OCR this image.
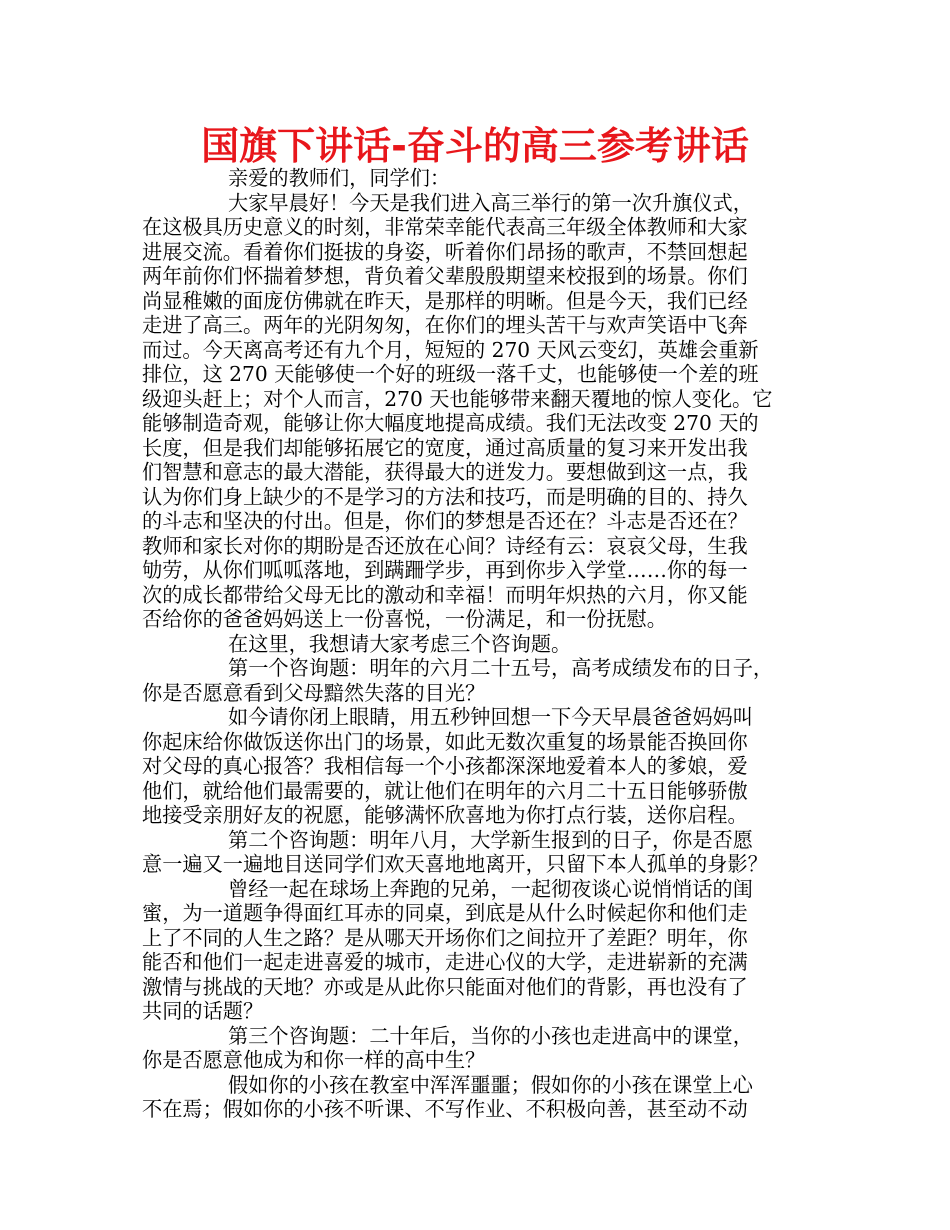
国旗下讲话-奋斗的高三参考讲话
亲爱的教师们，同学们：
大家早晨好！今天是我们进入高三举行的第一次升旗仪式，
在这极具历史意义的时刻，非常荣幸能代表高三年级全体教师和大家
进展交流。看着你们挺拔的身姿，听着你们昂扬的歌声，不禁回想起
两年前你们怀揣着梦想，背负着父辈殷殷期望来校报到的场景。你们
尚显稚嫩的面庞仿佛就在昨天，是那样的明晰。但是今天，我们已经
走进了高三。两年的光阴匆匆，在你们的埋头苦干与欢声笑语中飞奔
而过。今天离高考还有九个月，短短的 270 天风云变幻，英雄会重新
排位，这 270 天能够使一个好的班级一落千丈，也能够使一个差的班
级迎头赶上；对个人而言，270 天也能够带来翻天覆地的惊人变化。它
能够制造奇观，能够让你大幅度地提高成绩。我们无法改变 270 天的
长度，但是我们却能够拓展它的宽度，通过高质量的复习来开发出我
们智慧和意志的最大潜能，获得最大的迸发力。要想做到这一点，我
认为你们身上缺少的不是学习的方法和技巧，而是明确的目的、持久
的斗志和坚决的付出。但是，你们的梦想是否还在？斗志是否还在？
教师和家长对你的期盼是否还放在心间？诗经有云：哀哀父母，生我
劬劳，从你们呱呱落地，到蹒跚学步，再到你步入学堂……你的每一
次的成长都带给父母无比的激动和幸福！而明年炽热的六月，你又能
否给你的爸爸妈妈送上一份喜悦，一份满足，和一份抚慰。
在这里，我想请大家考虑三个咨询题。
第一个咨询题：明年的六月二十五号，高考成绩发布的日子，
你是否愿意看到父母黯然失落的目光？
如今请你闭上眼睛，用五秒钟回想一下今天早晨爸爸妈妈叫
你起床给你做饭送你出门的场景，如此无数次重复的场景能否换回你
对父母的真心报答？我相信每一个小孩都深深地爱着本人的爹娘，爱
他们，就给他们最需要的，就让他们在明年的六月二十五日能够骄傲
地接受亲朋好友的祝愿，能够满怀欣喜地为你打点行装，送你启程。
第二个咨询题：明年八月，大学新生报到的日子，你是否愿
意一遍又一遍地目送同学们欢天喜地地离开，只留下本人孤单的身影？
曾经一起在球场上奔跑的兄弟，一起彻夜谈心说悄悄话的闺
蜜，为一道题争得面红耳赤的同桌，到底是从什么时候起你和他们走
上了不同的人生之路？是从哪天开场你们之间拉开了差距？明年，你
能否和他们一起走进喜爱的城市，走进心仪的大学，走进崭新的充满
激情与挑战的天地？亦或是从此你只能面对他们的背影，再也没有了
共同的话题？
第三个咨询题：二十年后，当你的小孩也走进高中的课堂，
你是否愿意他成为和你一样的高中生？
假如你的小孩在教室中浑浑噩噩；假如你的小孩在课堂上心
不在焉；假如你的小孩不听课、不写作业、不积极向善，甚至动不动
